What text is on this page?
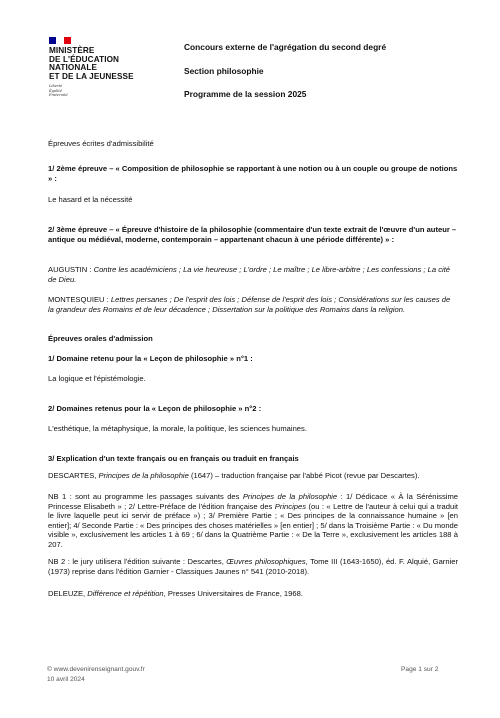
MINISTÈRE
DE L'ÉDUCATION
NATIONALE
ET DE LA JEUNESSE
Liberté
Égalité
Fraternité
Concours externe de l'agrégation du second degré
Section philosophie
Programme de la session 2025
Épreuves écrites d'admissibilité
1/ 2ème épreuve – « Composition de philosophie se rapportant à une notion ou à un couple ou groupe de notions » :
Le hasard et la nécessité
2/ 3ème épreuve – « Épreuve d'histoire de la philosophie (commentaire d'un texte extrait de l'œuvre d'un auteur – antique ou médiéval, moderne, contemporain – appartenant chacun à une période différente) » :
AUGUSTIN : Contre les académiciens ; La vie heureuse ; L'ordre ; Le maître ; Le libre-arbitre ; Les confessions ; La cité de Dieu.
MONTESQUIEU : Lettres persanes ; De l'esprit des lois ; Défense de l'esprit des lois ; Considérations sur les causes de la grandeur des Romains et de leur décadence ; Dissertation sur la politique des Romains dans la religion.
Épreuves orales d'admission
1/ Domaine retenu pour la « Leçon de philosophie » n°1 :
La logique et l'épistémologie.
2/ Domaines retenus pour la « Leçon de philosophie » n°2 :
L'esthétique, la métaphysique, la morale, la politique, les sciences humaines.
3/ Explication d'un texte français ou en français ou traduit en français
DESCARTES, Principes de la philosophie (1647) – traduction française par l'abbé Picot (revue par Descartes).
NB 1 : sont au programme les passages suivants des Principes de la philosophie : 1/ Dédicace « À la Sérénissime Princesse Elisabeth » ; 2/ Lettre-Préface de l'édition française des Principes (ou : « Lettre de l'auteur à celui qui a traduit le livre laquelle peut ici servir de préface ») ; 3/ Première Partie ; « Des principes de la connaissance humaine » [en entier]; 4/ Seconde Partie : « Des principes des choses matérielles » [en entier] ; 5/ dans la Troisième Partie : « Du monde visible », exclusivement les articles 1 à 69 ; 6/ dans la Quatrième Partie : « De la Terre », exclusivement les articles 188 à 207.
NB 2 : le jury utilisera l'édition suivante : Descartes, Œuvres philosophiques, Tome III (1643-1650), éd. F. Alquié, Garnier (1973) reprise dans l'édition Garnier - Classiques Jaunes n° 541 (2010-2018).
DELEUZE, Différence et répétition, Presses Universitaires de France, 1968.
© www.devenirenseignant.gouv.fr
10 avril 2024
Page 1 sur 2
